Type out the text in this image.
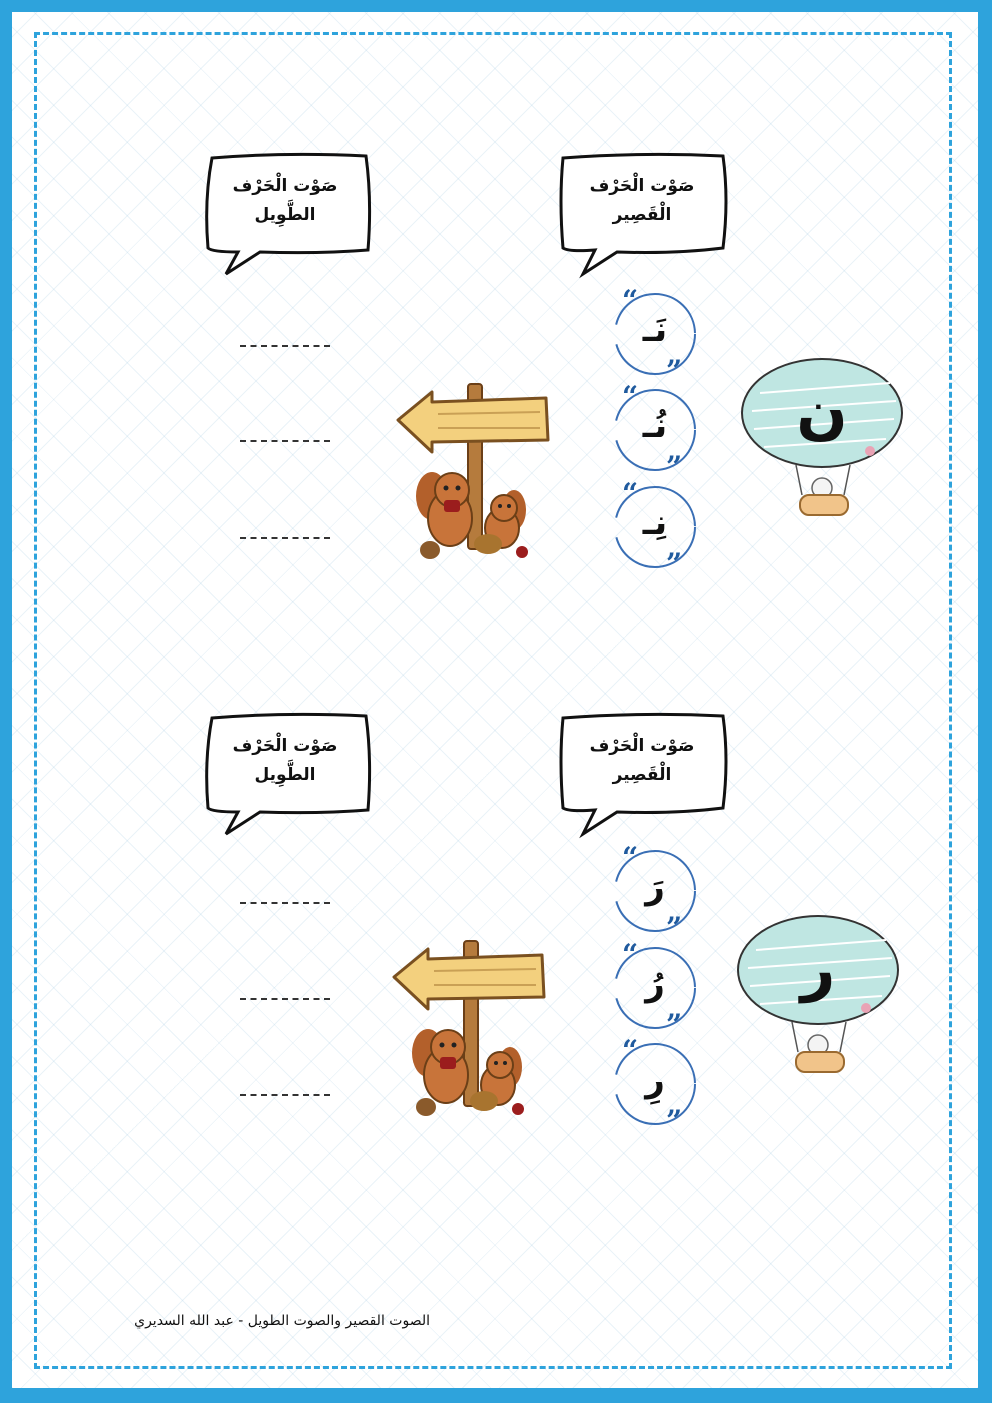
صَوْت الْحَرْف
الطَّوِيل
صَوْت الْحَرْف
الْقَصِير
“
”
نَـ
“
”
نُـ
“
”
نِـ
ن
صَوْت الْحَرْف
الطَّوِيل
صَوْت الْحَرْف
الْقَصِير
“
”
رَ
“
”
رُ
“
”
رِ
ر
الصوت القصير والصوت الطويل - عبد الله السديري
